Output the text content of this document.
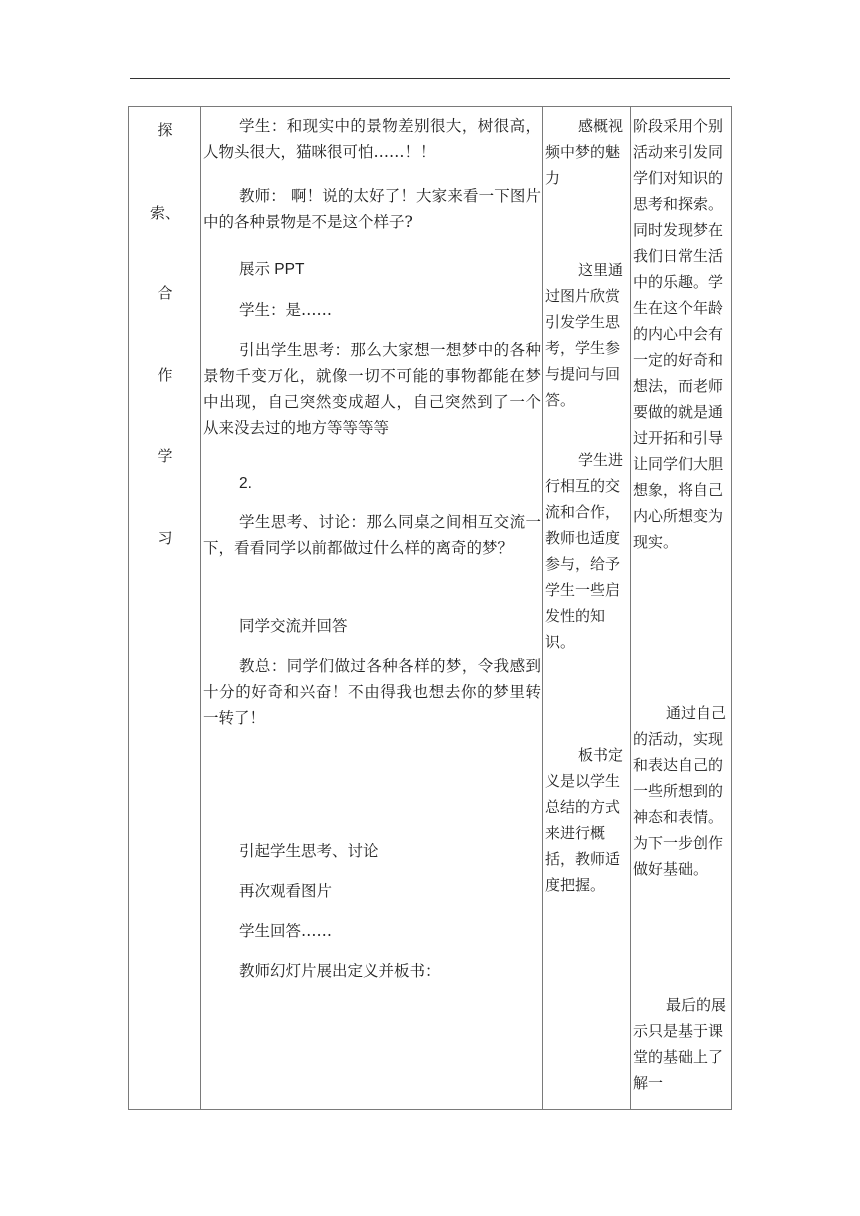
探
索、
合
作
学
习

学生：和现实中的景物差别很大，树很高，人物头很大，猫咪很可怕……！！

教师： 啊！说的太好了！大家来看一下图片中的各种景物是不是这个样子?

展示 PPT

学生：是……

引出学生思考：那么大家想一想梦中的各种景物千变万化，就像一切不可能的事物都能在梦中出现，自己突然变成超人，自己突然到了一个从来没去过的地方等等等等

2.

学生思考、讨论：那么同桌之间相互交流一下，看看同学以前都做过什么样的离奇的梦？

同学交流并回答

教总：同学们做过各种各样的梦，令我感到十分的好奇和兴奋！不由得我也想去你的梦里转一转了！

引起学生思考、讨论

再次观看图片

学生回答……

教师幻灯片展出定义并板书：

感概视频中梦的魅力

这里通过图片欣赏引发学生思考，学生参与提问与回答。

学生进行相互的交流和合作，教师也适度参与，给予学生一些启发性的知识。

板书定义是以学生总结的方式来进行概括，教师适度把握。

阶段采用个别活动来引发同学们对知识的思考和探索。同时发现梦在我们日常生活中的乐趣。学生在这个年龄的内心中会有一定的好奇和想法，而老师要做的就是通过开拓和引导让同学们大胆想象，将自己内心所想变为现实。

通过自己的活动，实现和表达自己的一些所想到的神态和表情。为下一步创作做好基础。

最后的展示只是基于课堂的基础上了解一
